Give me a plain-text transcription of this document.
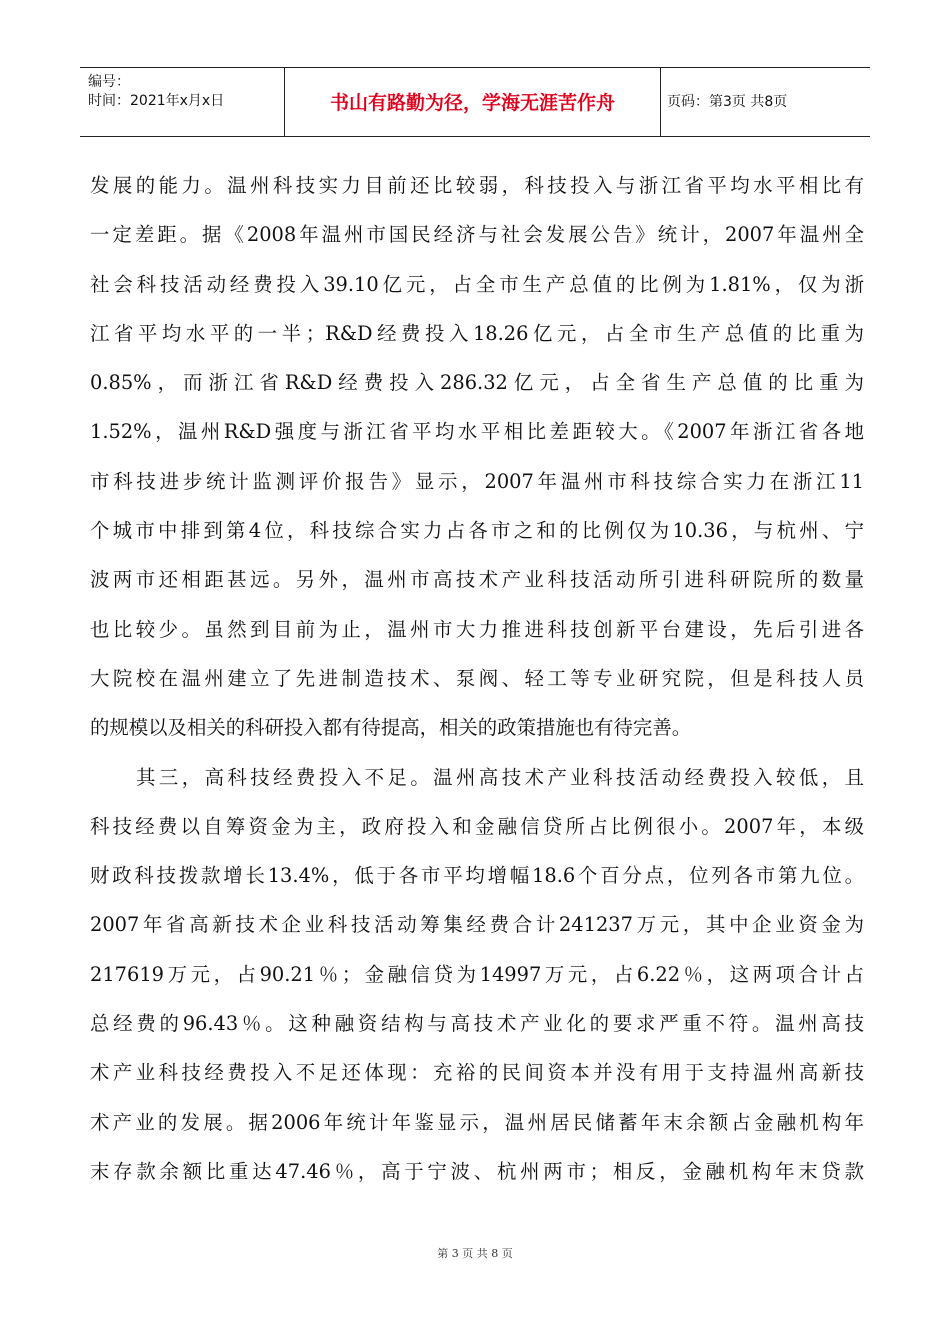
编号：
时间：2021年x月x日	书山有路勤为径，学海无涯苦作舟	页码：第3页 共8页
发展的能力。温州科技实力目前还比较弱，科技投入与浙江省平均水平相比有
一定差距。据《2008年温州市国民经济与社会发展公告》统计，2007年温州全
社会科技活动经费投入39.10亿元，占全市生产总值的比例为1.81%，仅为浙
江省平均水平的一半；R&D经费投入18.26亿元，占全市生产总值的比重为
0.85%，而浙江省R&D经费投入286.32亿元，占全省生产总值的比重为
1.52%，温州R&D强度与浙江省平均水平相比差距较大。《2007年浙江省各地
市科技进步统计监测评价报告》显示，2007年温州市科技综合实力在浙江11
个城市中排到第4位，科技综合实力占各市之和的比例仅为10.36，与杭州、宁
波两市还相距甚远。另外，温州市高技术产业科技活动所引进科研院所的数量
也比较少。虽然到目前为止，温州市大力推进科技创新平台建设，先后引进各
大院校在温州建立了先进制造技术、泵阀、轻工等专业研究院，但是科技人员
的规模以及相关的科研投入都有待提高，相关的政策措施也有待完善。
其三，高科技经费投入不足。温州高技术产业科技活动经费投入较低，且
科技经费以自筹资金为主，政府投入和金融信贷所占比例很小。2007年，本级
财政科技拨款增长13.4%，低于各市平均增幅18.6个百分点，位列各市第九位。
2007年省高新技术企业科技活动筹集经费合计241237万元，其中企业资金为
217619万元，占90.21％；金融信贷为14997万元，占6.22％，这两项合计占
总经费的96.43％。这种融资结构与高技术产业化的要求严重不符。温州高技
术产业科技经费投入不足还体现：充裕的民间资本并没有用于支持温州高新技
术产业的发展。据2006年统计年鉴显示，温州居民储蓄年末余额占金融机构年
末存款余额比重达47.46％，高于宁波、杭州两市；相反，金融机构年末贷款
第 3 页 共 8 页
